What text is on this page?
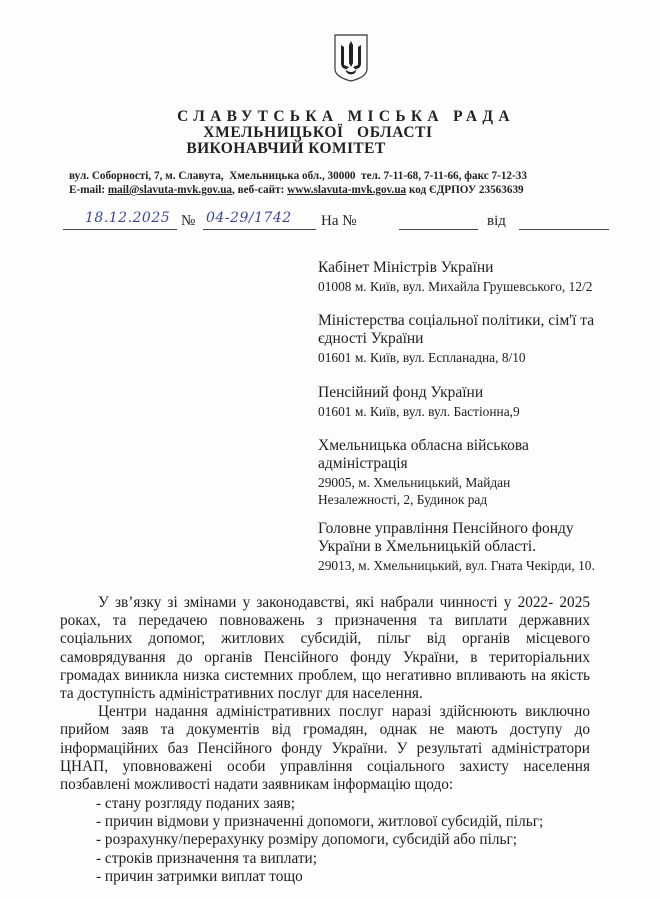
СЛАВУТСЬКА МІСЬКА РАДА
ХМЕЛЬНИЦЬКОЇ   ОБЛАСТІ
ВИКОНАВЧИЙ КОМІТЕТ
вул. Соборності, 7, м. Славута,  Хмельницька обл., 30000  тел. 7-11-68, 7-11-66, факс 7-12-33
E-mail: mail@slavuta-mvk.gov.ua, веб-сайт: www.slavuta-mvk.gov.ua код ЄДРПОУ 23563639
18.12.2025 № 04-29/1742 На №	від
Кабінет Міністрів України
01008 м. Київ, вул. Михайла Грушевського, 12/2
Міністерства соціальної політики, сім'ї та єдності України
01601 м. Київ, вул. Еспланадна, 8/10
Пенсійний фонд України
01601 м. Київ, вул. вул. Бастіонна,9
Хмельницька обласна військова адміністрація
29005, м. Хмельницький, Майдан Незалежності, 2, Будинок рад
Головне управління Пенсійного фонду України в Хмельницькій області.
29013, м. Хмельницький, вул. Гната Чекірди, 10.

У зв’язку зі змінами у законодавстві, які набрали чинності у 2022- 2025 роках, та передачею повноважень з призначення та виплати державних соціальних допомог, житлових субсидій, пільг від органів місцевого самоврядування до органів Пенсійного фонду України, в територіальних громадах виникла низка системних проблем, що негативно впливають на якість та доступність адміністративних послуг для населення.

Центри надання адміністративних послуг наразі здійснюють виключно прийом заяв та документів від громадян, однак не мають доступу до інформаційних баз Пенсійного фонду України. У результаті адміністратори ЦНАП, уповноважені особи управління соціального захисту населення позбавлені можливості надати заявникам інформацію щодо:

- стану розгляду поданих заяв;
- причин відмови у призначенні допомоги, житлової субсидій, пільг;
- розрахунку/перерахунку розміру допомоги, субсидій або пільг;
- строків призначення та виплати;
- причин затримки виплат тощо
